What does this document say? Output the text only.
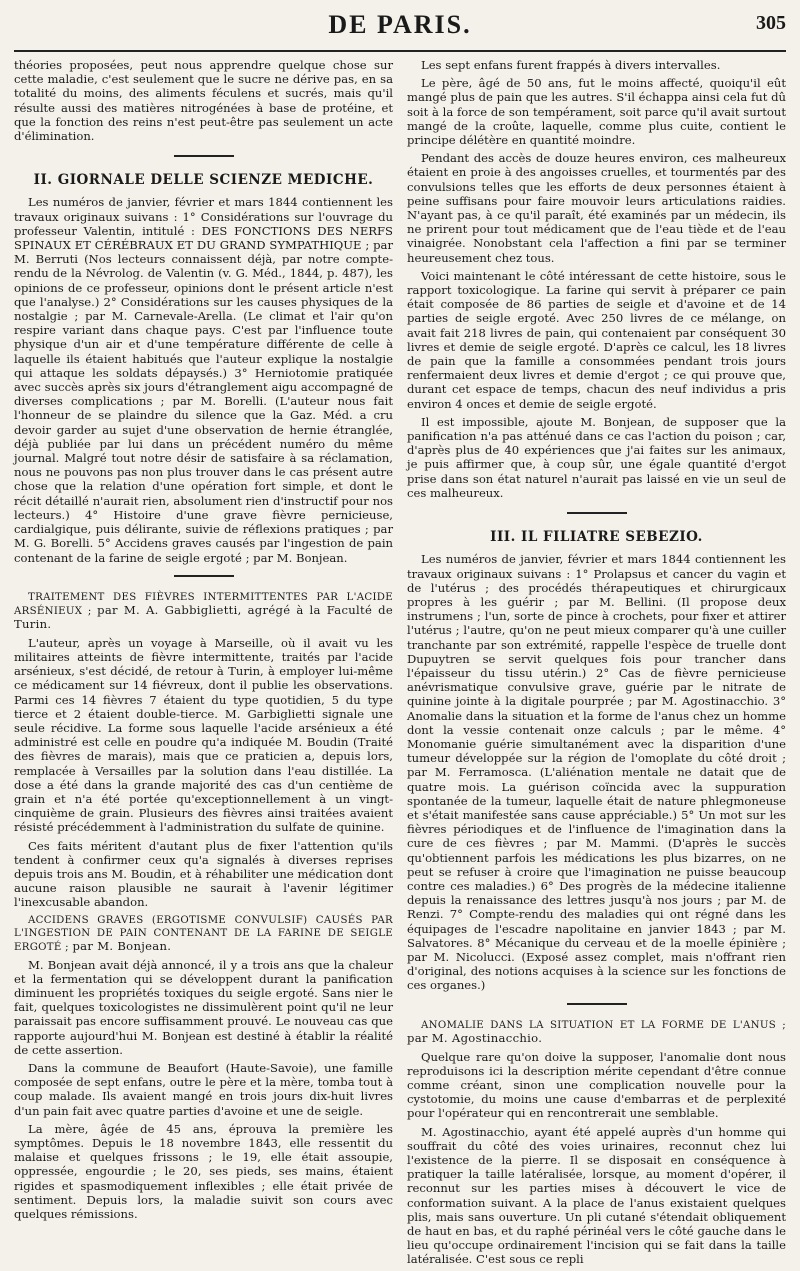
DE PARIS.	305

théories proposées, peut nous apprendre quelque chose sur cette maladie, c'est seulement que le sucre ne dérive pas, en sa totalité du moins, des aliments féculens et sucrés, mais qu'il résulte aussi des matières nitrogénées à base de protéine, et que la fonction des reins n'est peut-être pas seulement un acte d'élimination.

II. GIORNALE DELLE SCIENZE MEDICHE.

Les numéros de janvier, février et mars 1844 contiennent les travaux originaux suivans : 1° Considérations sur l'ouvrage du professeur Valentin, intitulé : DES FONCTIONS DES NERFS SPINAUX ET CÉRÉBRAUX ET DU GRAND SYMPATHIQUE ; par M. Berruti (Nos lecteurs connaissent déjà, par notre compte-rendu de la Névrolog. de Valentin (v. G. Méd., 1844, p. 487), les opinions de ce professeur, opinions dont le présent article n'est que l'analyse.) 2° Considérations sur les causes physiques de la nostalgie ; par M. Carnevale-Arella. (Le climat et l'air qu'on respire variant dans chaque pays. C'est par l'influence toute physique d'un air et d'une température différente de celle à laquelle ils étaient habitués que l'auteur explique la nostalgie qui attaque les soldats dépaysés.) 3° Herniotomie pratiquée avec succès après six jours d'étranglement aigu accompagné de diverses complications ; par M. Borelli. (L'auteur nous fait l'honneur de se plaindre du silence que la Gaz. Méd. a cru devoir garder au sujet d'une observation de hernie étranglée, déjà publiée par lui dans un précédent numéro du même journal. Malgré tout notre désir de satisfaire à sa réclamation, nous ne pouvons pas non plus trouver dans le cas présent autre chose que la relation d'une opération fort simple, et dont le récit détaillé n'aurait rien, absolument rien d'instructif pour nos lecteurs.) 4° Histoire d'une grave fièvre pernicieuse, cardialgique, puis délirante, suivie de réflexions pratiques ; par M. G. Borelli. 5° Accidens graves causés par l'ingestion de pain contenant de la farine de seigle ergoté ; par M. Bonjean.

TRAITEMENT DES FIÈVRES INTERMITTENTES PAR L'ACIDE ARSÉNIEUX ; par M. A. Gabbiglietti, agrégé à la Faculté de Turin.

L'auteur, après un voyage à Marseille, où il avait vu les militaires atteints de fièvre intermittente, traités par l'acide arsénieux, s'est décidé, de retour à Turin, à employer lui-même ce médicament sur 14 fiévreux, dont il publie les observations. Parmi ces 14 fièvres 7 étaient du type quotidien, 5 du type tierce et 2 étaient double-tierce. M. Garbiglietti signale une seule récidive. La forme sous laquelle l'acide arsénieux a été administré est celle en poudre qu'a indiquée M. Boudin (Traité des fièvres de marais), mais que ce praticien a, depuis lors, remplacée à Versailles par la solution dans l'eau distillée. La dose a été dans la grande majorité des cas d'un centième de grain et n'a été portée qu'exceptionnellement à un vingt-cinquième de grain. Plusieurs des fièvres ainsi traitées avaient résisté précédemment à l'administration du sulfate de quinine.

Ces faits méritent d'autant plus de fixer l'attention qu'ils tendent à confirmer ceux qu'a signalés à diverses reprises depuis trois ans M. Boudin, et à réhabiliter une médication dont aucune raison plausible ne saurait à l'avenir légitimer l'inexcusable abandon.

ACCIDENS GRAVES (ERGOTISME CONVULSIF) CAUSÉS PAR L'INGESTION DE PAIN CONTENANT DE LA FARINE DE SEIGLE ERGOTÉ ; par M. Bonjean.

M. Bonjean avait déjà annoncé, il y a trois ans que la chaleur et la fermentation qui se développent durant la panification diminuent les propriétés toxiques du seigle ergoté. Sans nier le fait, quelques toxicologistes ne dissimulèrent point qu'il ne leur paraissait pas encore suffisamment prouvé. Le nouveau cas que rapporte aujourd'hui M. Bonjean est destiné à établir la réalité de cette assertion.

Dans la commune de Beaufort (Haute-Savoie), une famille composée de sept enfans, outre le père et la mère, tomba tout à coup malade. Ils avaient mangé en trois jours dix-huit livres d'un pain fait avec quatre parties d'avoine et une de seigle.

La mère, âgée de 45 ans, éprouva la première les symptômes. Depuis le 18 novembre 1843, elle ressentit du malaise et quelques frissons ; le 19, elle était assoupie, oppressée, engourdie ; le 20, ses pieds, ses mains, étaient rigides et spasmodiquement inflexibles ; elle était privée de sentiment. Depuis lors, la maladie suivit son cours avec quelques rémissions.

Les sept enfans furent frappés à divers intervalles.

Le père, âgé de 50 ans, fut le moins affecté, quoiqu'il eût mangé plus de pain que les autres. S'il échappa ainsi cela fut dû soit à la force de son tempérament, soit parce qu'il avait surtout mangé de la croûte, laquelle, comme plus cuite, contient le principe délétère en quantité moindre.

Pendant des accès de douze heures environ, ces malheureux étaient en proie à des angoisses cruelles, et tourmentés par des convulsions telles que les efforts de deux personnes étaient à peine suffisans pour faire mouvoir leurs articulations raidies. N'ayant pas, à ce qu'il paraît, été examinés par un médecin, ils ne prirent pour tout médicament que de l'eau tiède et de l'eau vinaigrée. Nonobstant cela l'affection a fini par se terminer heureusement chez tous.

Voici maintenant le côté intéressant de cette histoire, sous le rapport toxicologique. La farine qui servit à préparer ce pain était composée de 86 parties de seigle et d'avoine et de 14 parties de seigle ergoté. Avec 250 livres de ce mélange, on avait fait 218 livres de pain, qui contenaient par conséquent 30 livres et demie de seigle ergoté. D'après ce calcul, les 18 livres de pain que la famille a consommées pendant trois jours renfermaient deux livres et demie d'ergot ; ce qui prouve que, durant cet espace de temps, chacun des neuf individus a pris environ 4 onces et demie de seigle ergoté.

Il est impossible, ajoute M. Bonjean, de supposer que la panification n'a pas atténué dans ce cas l'action du poison ; car, d'après plus de 40 expériences que j'ai faites sur les animaux, je puis affirmer que, à coup sûr, une égale quantité d'ergot prise dans son état naturel n'aurait pas laissé en vie un seul de ces malheureux.

III. IL FILIATRE SEBEZIO.

Les numéros de janvier, février et mars 1844 contiennent les travaux originaux suivans : 1° Prolapsus et cancer du vagin et de l'utérus ; des procédés thérapeutiques et chirurgicaux propres à les guérir ; par M. Bellini. (Il propose deux instrumens ; l'un, sorte de pince à crochets, pour fixer et attirer l'utérus ; l'autre, qu'on ne peut mieux comparer qu'à une cuiller tranchante par son extrémité, rappelle l'espèce de truelle dont Dupuytren se servit quelques fois pour trancher dans l'épaisseur du tissu utérin.) 2° Cas de fièvre pernicieuse anévrismatique convulsive grave, guérie par le nitrate de quinine jointe à la digitale pourprée ; par M. Agostinacchio. 3° Anomalie dans la situation et la forme de l'anus chez un homme dont la vessie contenait onze calculs ; par le même. 4° Monomanie guérie simultanément avec la disparition d'une tumeur développée sur la région de l'omoplate du côté droit ; par M. Ferramosca. (L'aliénation mentale ne datait que de quatre mois. La guérison coïncida avec la suppuration spontanée de la tumeur, laquelle était de nature phlegmoneuse et s'était manifestée sans cause appréciable.) 5° Un mot sur les fièvres périodiques et de l'influence de l'imagination dans la cure de ces fièvres ; par M. Mammi. (D'après le succès qu'obtiennent parfois les médications les plus bizarres, on ne peut se refuser à croire que l'imagination ne puisse beaucoup contre ces maladies.) 6° Des progrès de la médecine italienne depuis la renaissance des lettres jusqu'à nos jours ; par M. de Renzi. 7° Compte-rendu des maladies qui ont régné dans les équipages de l'escadre napolitaine en janvier 1843 ; par M. Salvatores. 8° Mécanique du cerveau et de la moelle épinière ; par M. Nicolucci. (Exposé assez complet, mais n'offrant rien d'original, des notions acquises à la science sur les fonctions de ces organes.)

ANOMALIE DANS LA SITUATION ET LA FORME DE L'ANUS ; par M. Agostinacchio.

Quelque rare qu'on doive la supposer, l'anomalie dont nous reproduisons ici la description mérite cependant d'être connue comme créant, sinon une complication nouvelle pour la cystotomie, du moins une cause d'embarras et de perplexité pour l'opérateur qui en rencontrerait une semblable.

M. Agostinacchio, ayant été appelé auprès d'un homme qui souffrait du côté des voies urinaires, reconnut chez lui l'existence de la pierre. Il se disposait en conséquence à pratiquer la taille latéralisée, lorsque, au moment d'opérer, il reconnut sur les parties mises à découvert le vice de conformation suivant. A la place de l'anus existaient quelques plis, mais sans ouverture. Un pli cutané s'étendait obliquement de haut en bas, et du raphé périnéal vers le côté gauche dans le lieu qu'occupe ordinairement l'incision qui se fait dans la taille latéralisée. C'est sous ce repli
